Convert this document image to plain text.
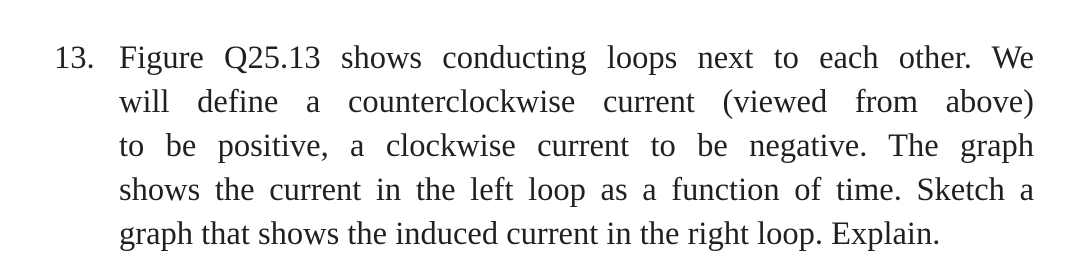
13. Figure Q25.13 shows conducting loops next to each other. We
will define a counterclockwise current (viewed from above)
to be positive, a clockwise current to be negative. The graph
shows the current in the left loop as a function of time. Sketch a
graph that shows the induced current in the right loop. Explain.
